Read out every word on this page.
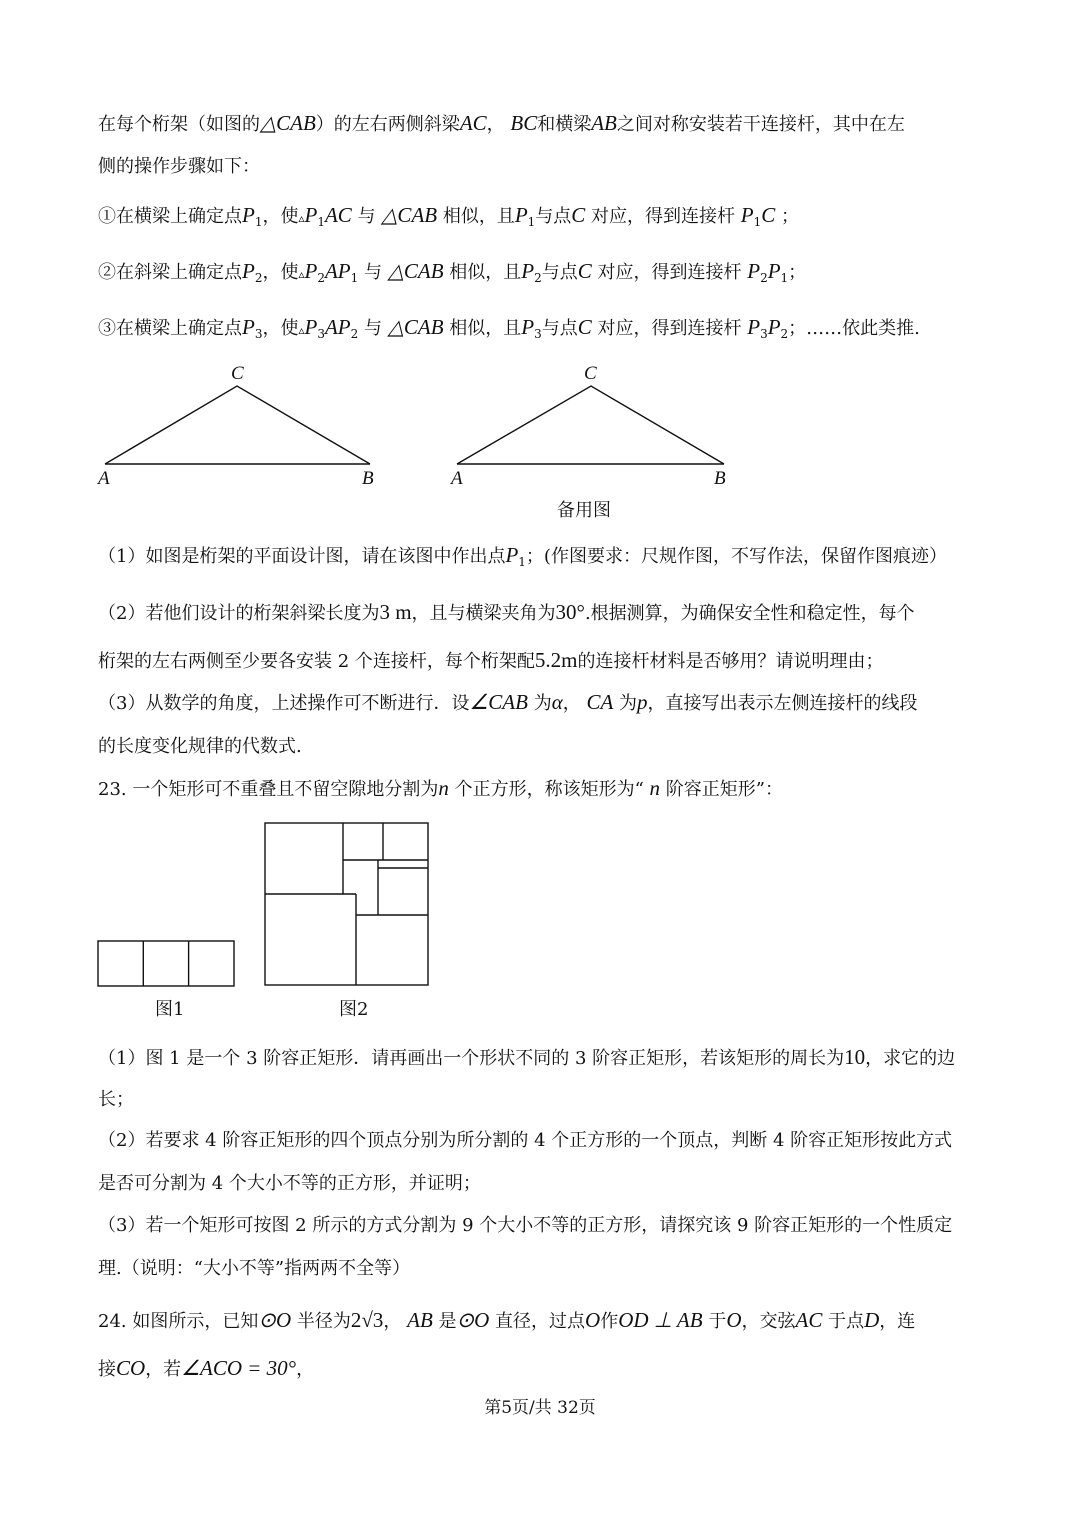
在每个桁架（如图的△CAB）的左右两侧斜梁AC， BC和横梁AB之间对称安装若干连接杆，其中在左
侧的操作步骤如下：
①在横梁上确定点$P_1$，使$▵P_1AC$ 与 △CAB 相似，且$P_1$与点C 对应，得到连接杆 $P_1C$ ；
②在斜梁上确定点$P_2$，使$▵P_2AP_1$ 与 △CAB 相似，且$P_2$与点C 对应，得到连接杆 $P_2P_1$；
③在横梁上确定点$P_3$，使$▵P_3AP_2$ 与 △CAB 相似，且$P_3$与点C 对应，得到连接杆 $P_3P_2$；……依此类推.
C
A	B
C
A	B
备用图
（1）如图是桁架的平面设计图，请在该图中作出点$P_1$；(作图要求：尺规作图，不写作法，保留作图痕迹）
（2）若他们设计的桁架斜梁长度为3 m，且与横梁夹角为30°.根据测算，为确保安全性和稳定性，每个
桁架的左右两侧至少要各安装 2 个连接杆，每个桁架配5.2m的连接杆材料是否够用？请说明理由；
（3）从数学的角度，上述操作可不断进行．设∠CAB 为α， CA 为p，直接写出表示左侧连接杆的线段
的长度变化规律的代数式.
23. 一个矩形可不重叠且不留空隙地分割为n 个正方形，称该矩形为“ n 阶容正矩形”：
图1	图2
（1）图 1 是一个 3 阶容正矩形．请再画出一个形状不同的 3 阶容正矩形，若该矩形的周长为10，求它的边
长；
（2）若要求 4 阶容正矩形的四个顶点分别为所分割的 4 个正方形的一个顶点，判断 4 阶容正矩形按此方式
是否可分割为 4 个大小不等的正方形，并证明；
（3）若一个矩形可按图 2 所示的方式分割为 9 个大小不等的正方形，请探究该 9 阶容正矩形的一个性质定
理.（说明：“大小不等”指两两不全等）
24. 如图所示，已知⊙O 半径为2√3， AB 是⊙O 直径，过点O作OD ⊥ AB 于O，交弦AC 于点D，连
接CO，若∠ACO = 30°，
第5页/共 32页
